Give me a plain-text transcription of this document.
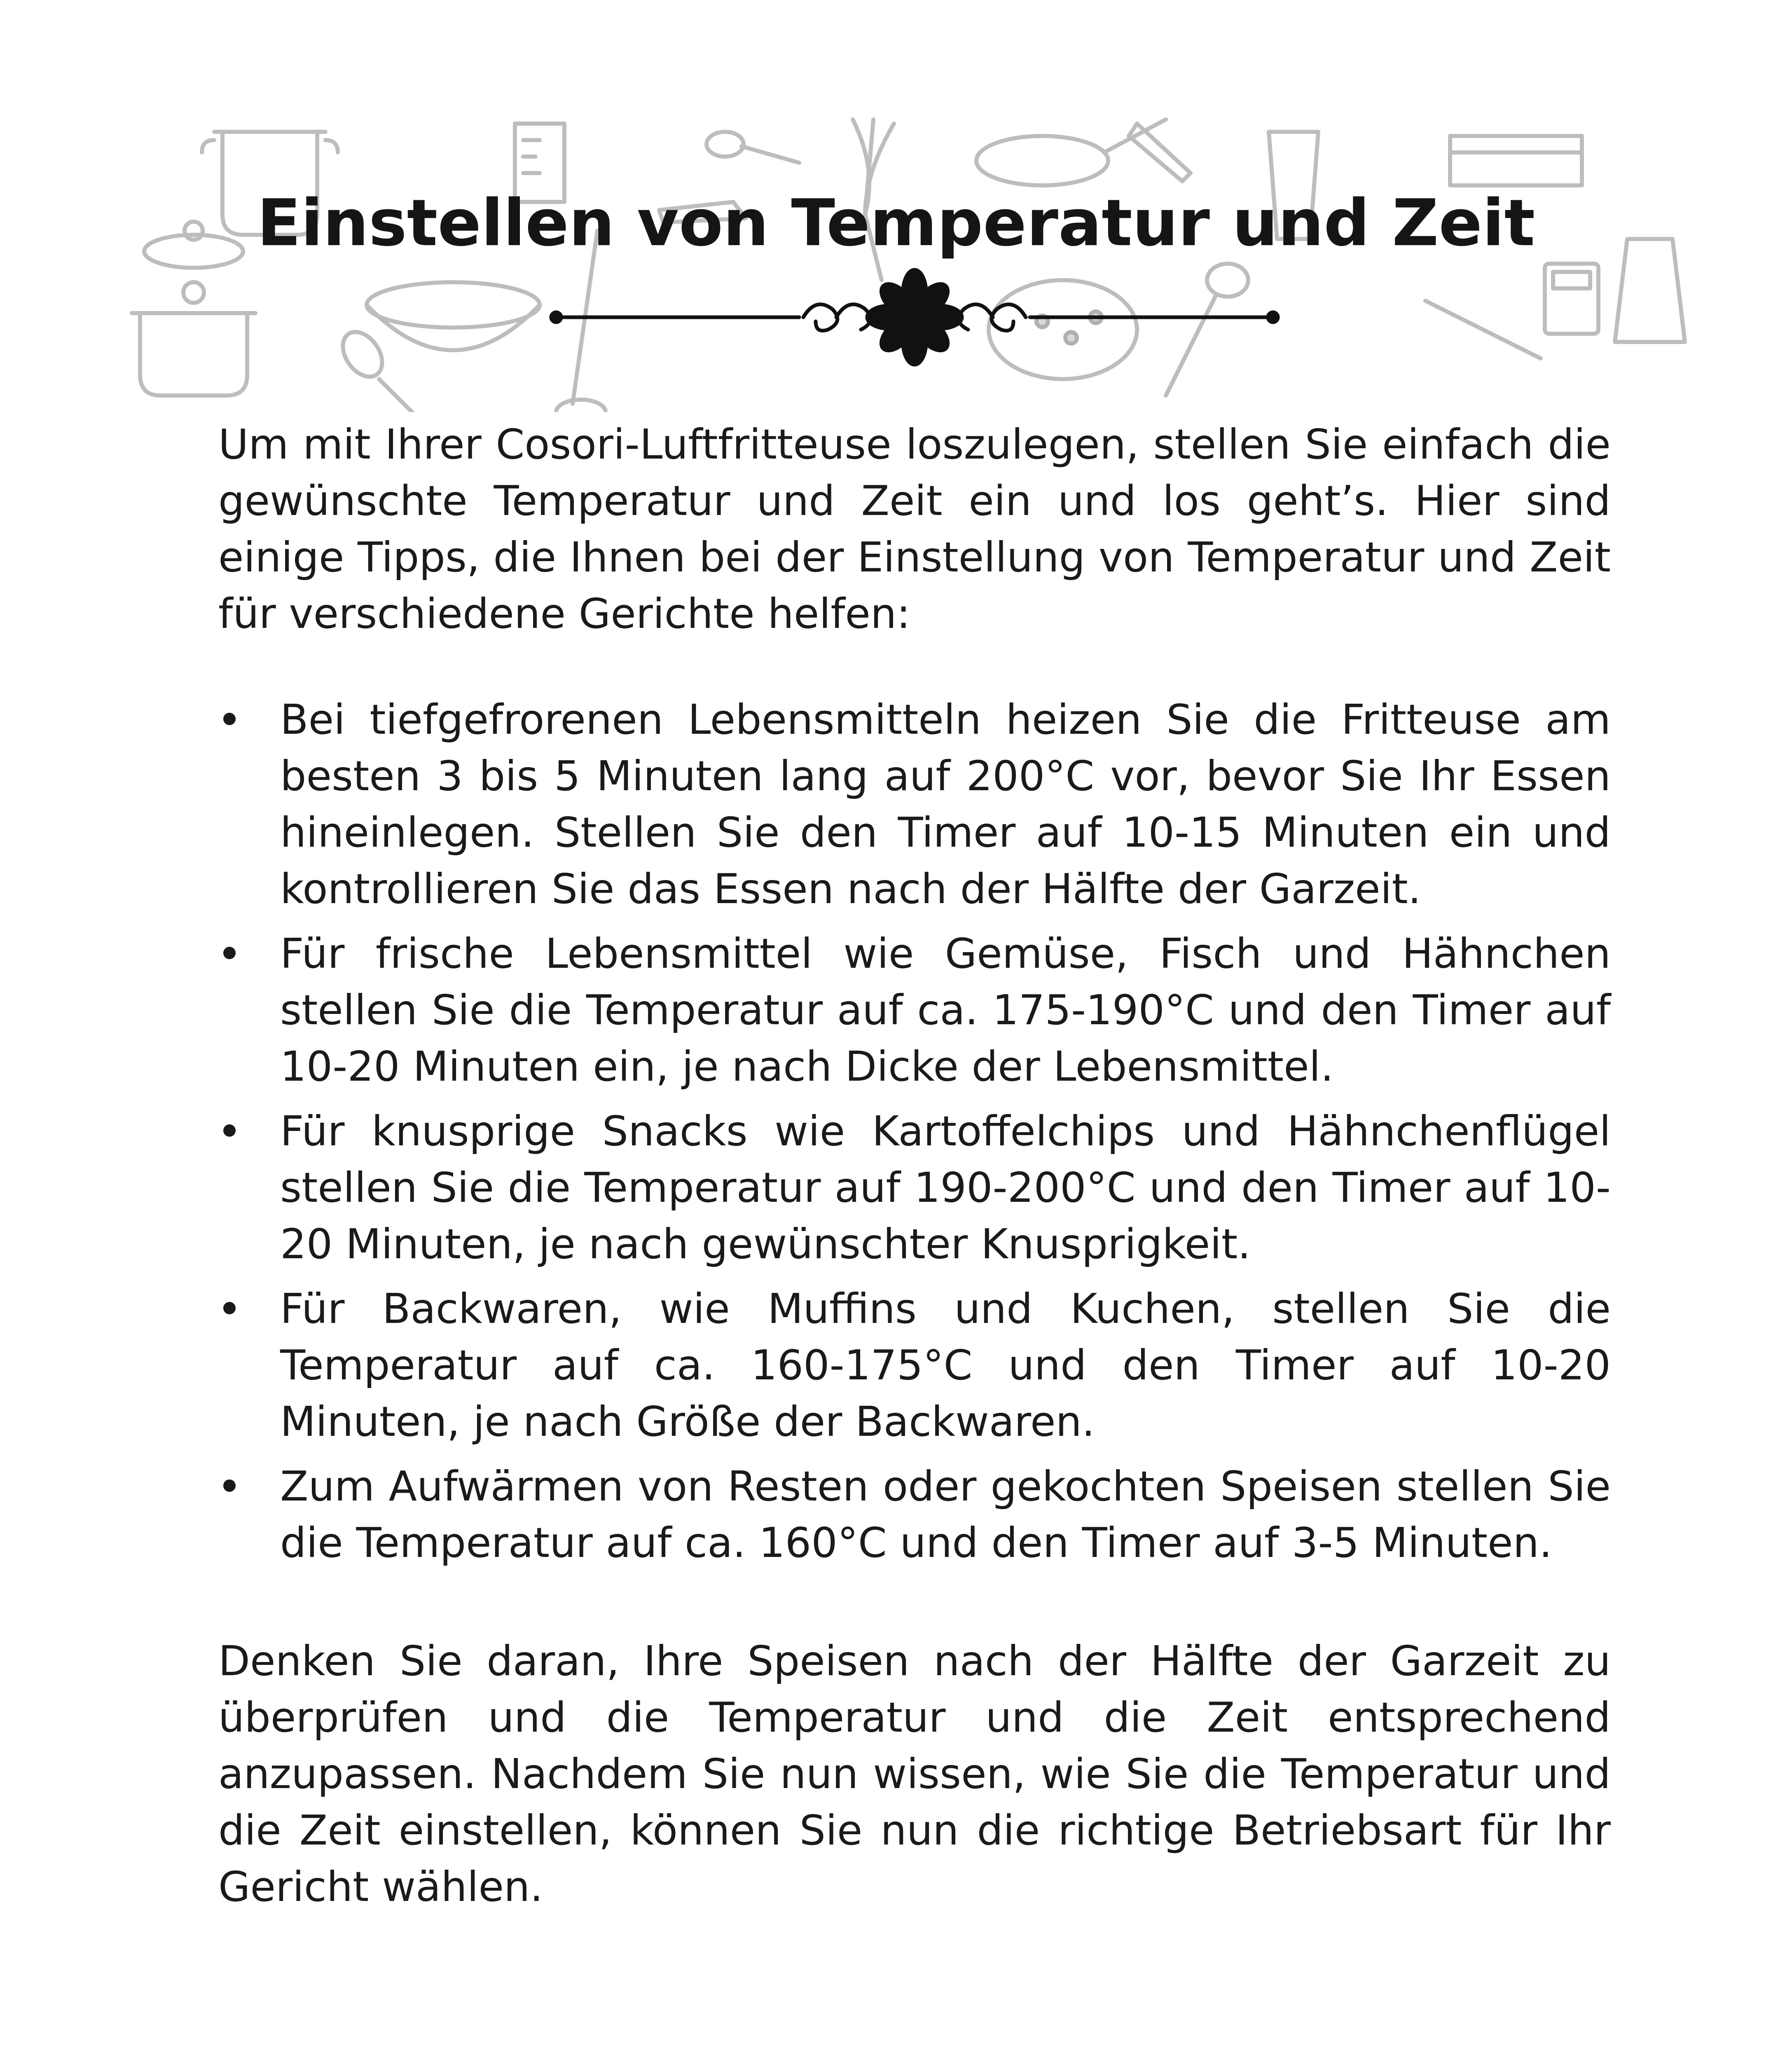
Einstellen von Temperatur und Zeit

Um mit Ihrer Cosori-Luftfritteuse loszulegen, stellen Sie einfach die gewünschte Temperatur und Zeit ein und los geht’s. Hier sind einige Tipps, die Ihnen bei der Einstellung von Temperatur und Zeit für verschiedene Gerichte helfen:

Bei tiefgefrorenen Lebensmitteln heizen Sie die Fritteuse am besten 3 bis 5 Minuten lang auf 200°C vor, bevor Sie Ihr Essen hineinlegen. Stellen Sie den Timer auf 10-15 Minuten ein und kontrollieren Sie das Essen nach der Hälfte der Garzeit.
Für frische Lebensmittel wie Gemüse, Fisch und Hähnchen stellen Sie die Temperatur auf ca. 175-190°C und den Timer auf 10-20 Minuten ein, je nach Dicke der Lebensmittel.
Für knusprige Snacks wie Kartoffelchips und Hähnchenflügel stellen Sie die Temperatur auf 190-200°C und den Timer auf 10-20 Minuten, je nach gewünschter Knusprigkeit.
Für Backwaren, wie Muffins und Kuchen, stellen Sie die Temperatur auf ca. 160-175°C und den Timer auf 10-20 Minuten, je nach Größe der Backwaren.
Zum Aufwärmen von Resten oder gekochten Speisen stellen Sie die Temperatur auf ca. 160°C und den Timer auf 3-5 Minuten.

Denken Sie daran, Ihre Speisen nach der Hälfte der Garzeit zu überprüfen und die Temperatur und die Zeit entsprechend anzupassen. Nachdem Sie nun wissen, wie Sie die Temperatur und die Zeit einstellen, können Sie nun die richtige Betriebsart für Ihr Gericht wählen.
